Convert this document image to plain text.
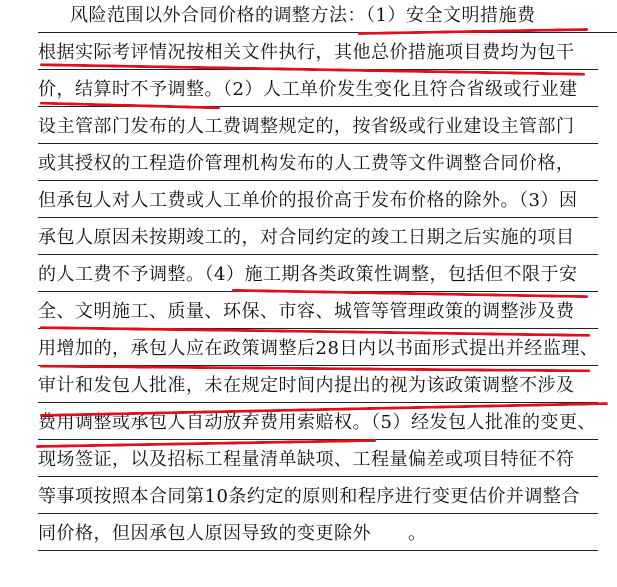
风险范围以外合同价格的调整方法：（1）安全文明措施费
根据实际考评情况按相关文件执行，其他总价措施项目费均为包干
价，结算时不予调整。（2）人工单价发生变化且符合省级或行业建
设主管部门发布的人工费调整规定的，按省级或行业建设主管部门
或其授权的工程造价管理机构发布的人工费等文件调整合同价格，
但承包人对人工费或人工单价的报价高于发布价格的除外。（3）因
承包人原因未按期竣工的，对合同约定的竣工日期之后实施的项目
的人工费不予调整。（4）施工期各类政策性调整，包括但不限于安
全、文明施工、质量、环保、市容、城管等管理政策的调整涉及费
用增加的，承包人应在政策调整后28日内以书面形式提出并经监理、
审计和发包人批准，未在规定时间内提出的视为该政策调整不涉及
费用调整或承包人自动放弃费用索赔权。（5）经发包人批准的变更、
现场签证，以及招标工程量清单缺项、工程量偏差或项目特征不符
等事项按照本合同第10条约定的原则和程序进行变更估价并调整合
同价格，但因承包人原因导致的变更除外　　。
